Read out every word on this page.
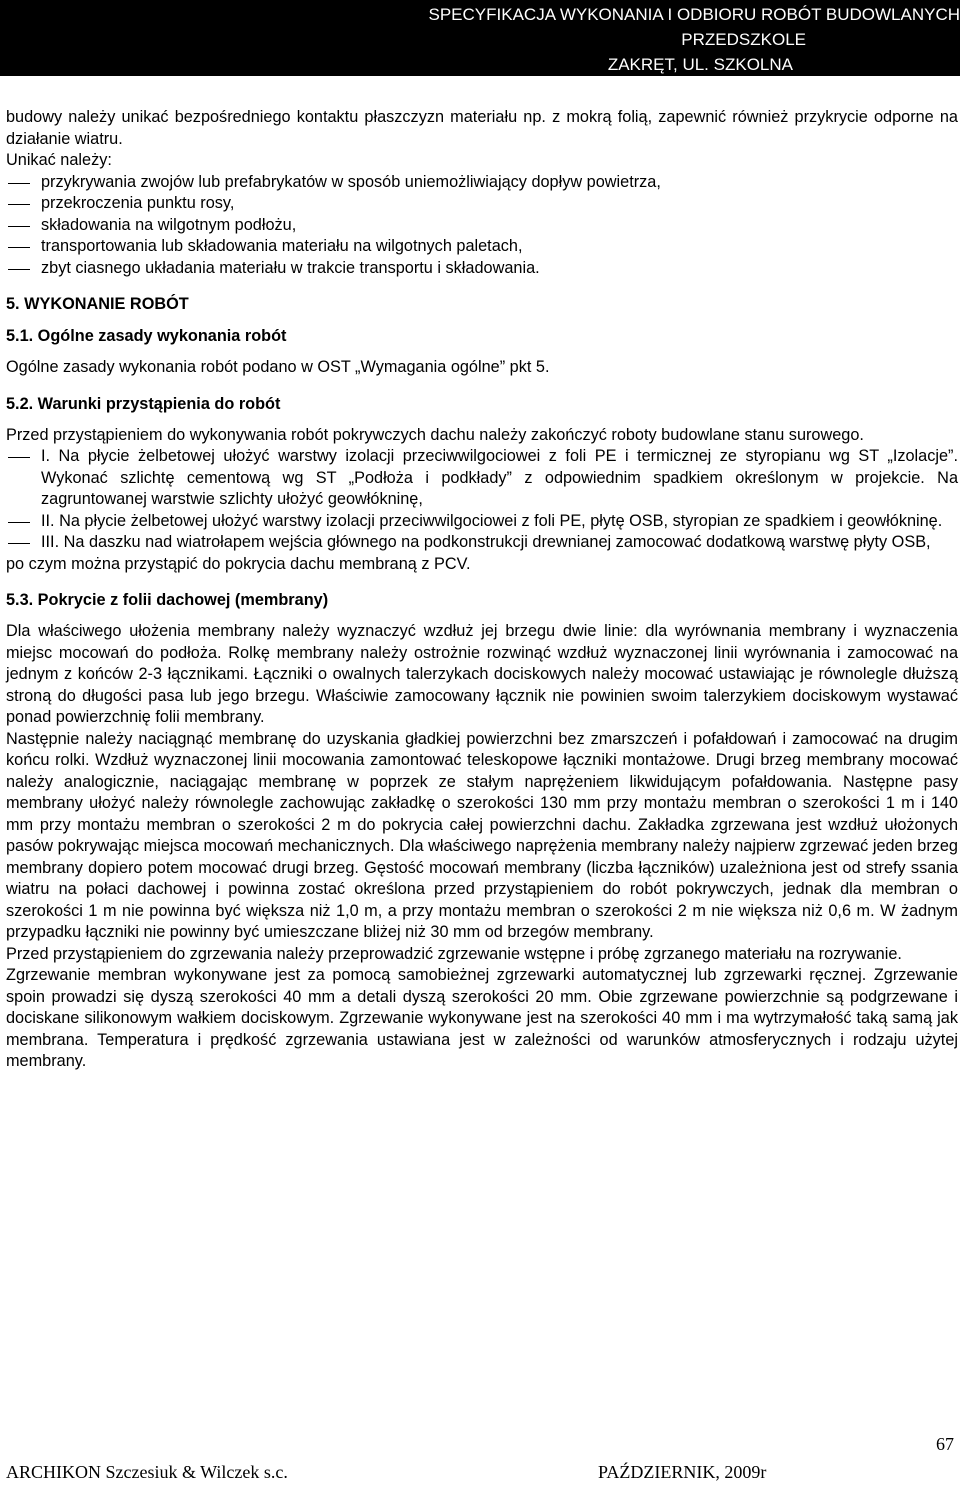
SPECYFIKACJA WYKONANIA I ODBIORU ROBÓT BUDOWLANYCH
PRZEDSZKOLE
ZAKRĘT, UL. SZKOLNA

budowy należy unikać bezpośredniego kontaktu płaszczyzn materiału np. z mokrą folią, zapewnić również przykrycie odporne na działanie wiatru.

Unikać należy:

przykrywania zwojów lub prefabrykatów w sposób uniemożliwiający dopływ powietrza,

przekroczenia punktu rosy,

składowania na wilgotnym podłożu,

transportowania lub składowania materiału na wilgotnych paletach,

zbyt ciasnego układania materiału w trakcie transportu i składowania.

5. WYKONANIE ROBÓT
5.1. Ogólne zasady wykonania robót

Ogólne zasady wykonania robót podano w OST „Wymagania ogólne” pkt 5.

5.2. Warunki przystąpienia do robót

Przed przystąpieniem do wykonywania robót pokrywczych dachu należy zakończyć roboty budowlane stanu surowego.

I. Na płycie żelbetowej ułożyć warstwy izolacji przeciwwilgociowei z foli PE i termicznej ze styropianu wg ST „Izolacje”. Wykonać szlichtę cementową wg ST „Podłoża i podkłady” z odpowiednim spadkiem określonym w projekcie. Na zagruntowanej warstwie szlichty ułożyć geowłókninę,

II. Na płycie żelbetowej ułożyć warstwy izolacji przeciwwilgociowei z foli PE, płytę OSB, styropian ze spadkiem i geowłókninę.

III. Na daszku nad wiatrołapem wejścia głównego na podkonstrukcji drewnianej zamocować dodatkową warstwę płyty OSB,

po czym można przystąpić do pokrycia dachu membraną z PCV.

5.3. Pokrycie z folii dachowej (membrany)

Dla właściwego ułożenia membrany należy wyznaczyć wzdłuż jej brzegu dwie linie: dla wyrównania membrany i wyznaczenia miejsc mocowań do podłoża. Rolkę membrany należy ostrożnie rozwinąć wzdłuż wyznaczonej linii wyrównania i zamocować na jednym z końców 2-3 łącznikami. Łączniki o owalnych talerzykach dociskowych należy mocować ustawiając je równolegle dłuższą stroną do długości pasa lub jego brzegu. Właściwie zamocowany łącznik nie powinien swoim talerzykiem dociskowym wystawać ponad powierzchnię folii membrany.

Następnie należy naciągnąć membranę do uzyskania gładkiej powierzchni bez zmarszczeń i pofałdowań i zamocować na drugim końcu rolki. Wzdłuż wyznaczonej linii mocowania zamontować teleskopowe łączniki montażowe. Drugi brzeg membrany mocować należy analogicznie, naciągając membranę w poprzek ze stałym naprężeniem likwidującym pofałdowania. Następne pasy membrany ułożyć należy równolegle zachowując zakładkę o szerokości 130 mm przy montażu membran o szerokości 1 m i 140 mm przy montażu membran o szerokości 2 m do pokrycia całej powierzchni dachu. Zakładka zgrzewana jest wzdłuż ułożonych pasów pokrywając miejsca mocowań mechanicznych. Dla właściwego naprężenia membrany należy najpierw zgrzewać jeden brzeg membrany dopiero potem mocować drugi brzeg. Gęstość mocowań membrany (liczba łączników) uzależniona jest od strefy ssania wiatru na połaci dachowej i powinna zostać określona przed przystąpieniem do robót pokrywczych, jednak dla membran o szerokości 1 m nie powinna być większa niż 1,0 m, a przy montażu membran o szerokości 2 m nie większa niż 0,6 m. W żadnym przypadku łączniki nie powinny być umieszczane bliżej niż 30 mm od brzegów membrany.

Przed przystąpieniem do zgrzewania należy przeprowadzić zgrzewanie wstępne i próbę zgrzanego materiału na rozrywanie.

Zgrzewanie membran wykonywane jest za pomocą samobieżnej zgrzewarki automatycznej lub zgrzewarki ręcznej. Zgrzewanie spoin prowadzi się dyszą szerokości 40 mm a detali dyszą szerokości 20 mm. Obie zgrzewane powierzchnie są podgrzewane i dociskane silikonowym wałkiem dociskowym. Zgrzewanie wykonywane jest na szerokości 40 mm i ma wytrzymałość taką samą jak membrana. Temperatura i prędkość zgrzewania ustawiana jest w zależności od warunków atmosferycznych i rodzaju użytej membrany.

67
ARCHIKON Szczesiuk & Wilczek s.c.	PAŹDZIERNIK, 2009r
